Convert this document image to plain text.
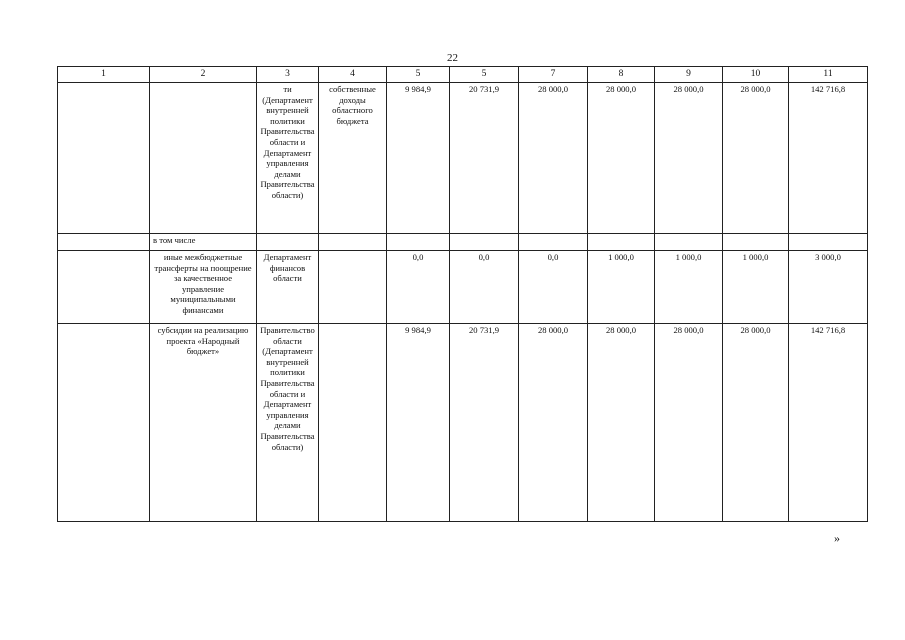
22
1	2	3	4	5	5	7	8	9	10	11
		ти (Департамент внутренней политики Правительства области и Департамент управления делами Правительства области)	собственные доходы областного бюджета	9 984,9	20 731,9	28 000,0	28 000,0	28 000,0	28 000,0	142 716,8
	в том числе									
	иные межбюджетные трансферты на поощрение за качественное управление муниципальными финансами	Департамент финансов области		0,0	0,0	0,0	1 000,0	1 000,0	1 000,0	3 000,0
	субсидии на реализацию проекта «Народный бюджет»	Правительство области (Департамент внутренней политики Правительства области и Департамент управления делами Правительства области)		9 984,9	20 731,9	28 000,0	28 000,0	28 000,0	28 000,0	142 716,8
»
